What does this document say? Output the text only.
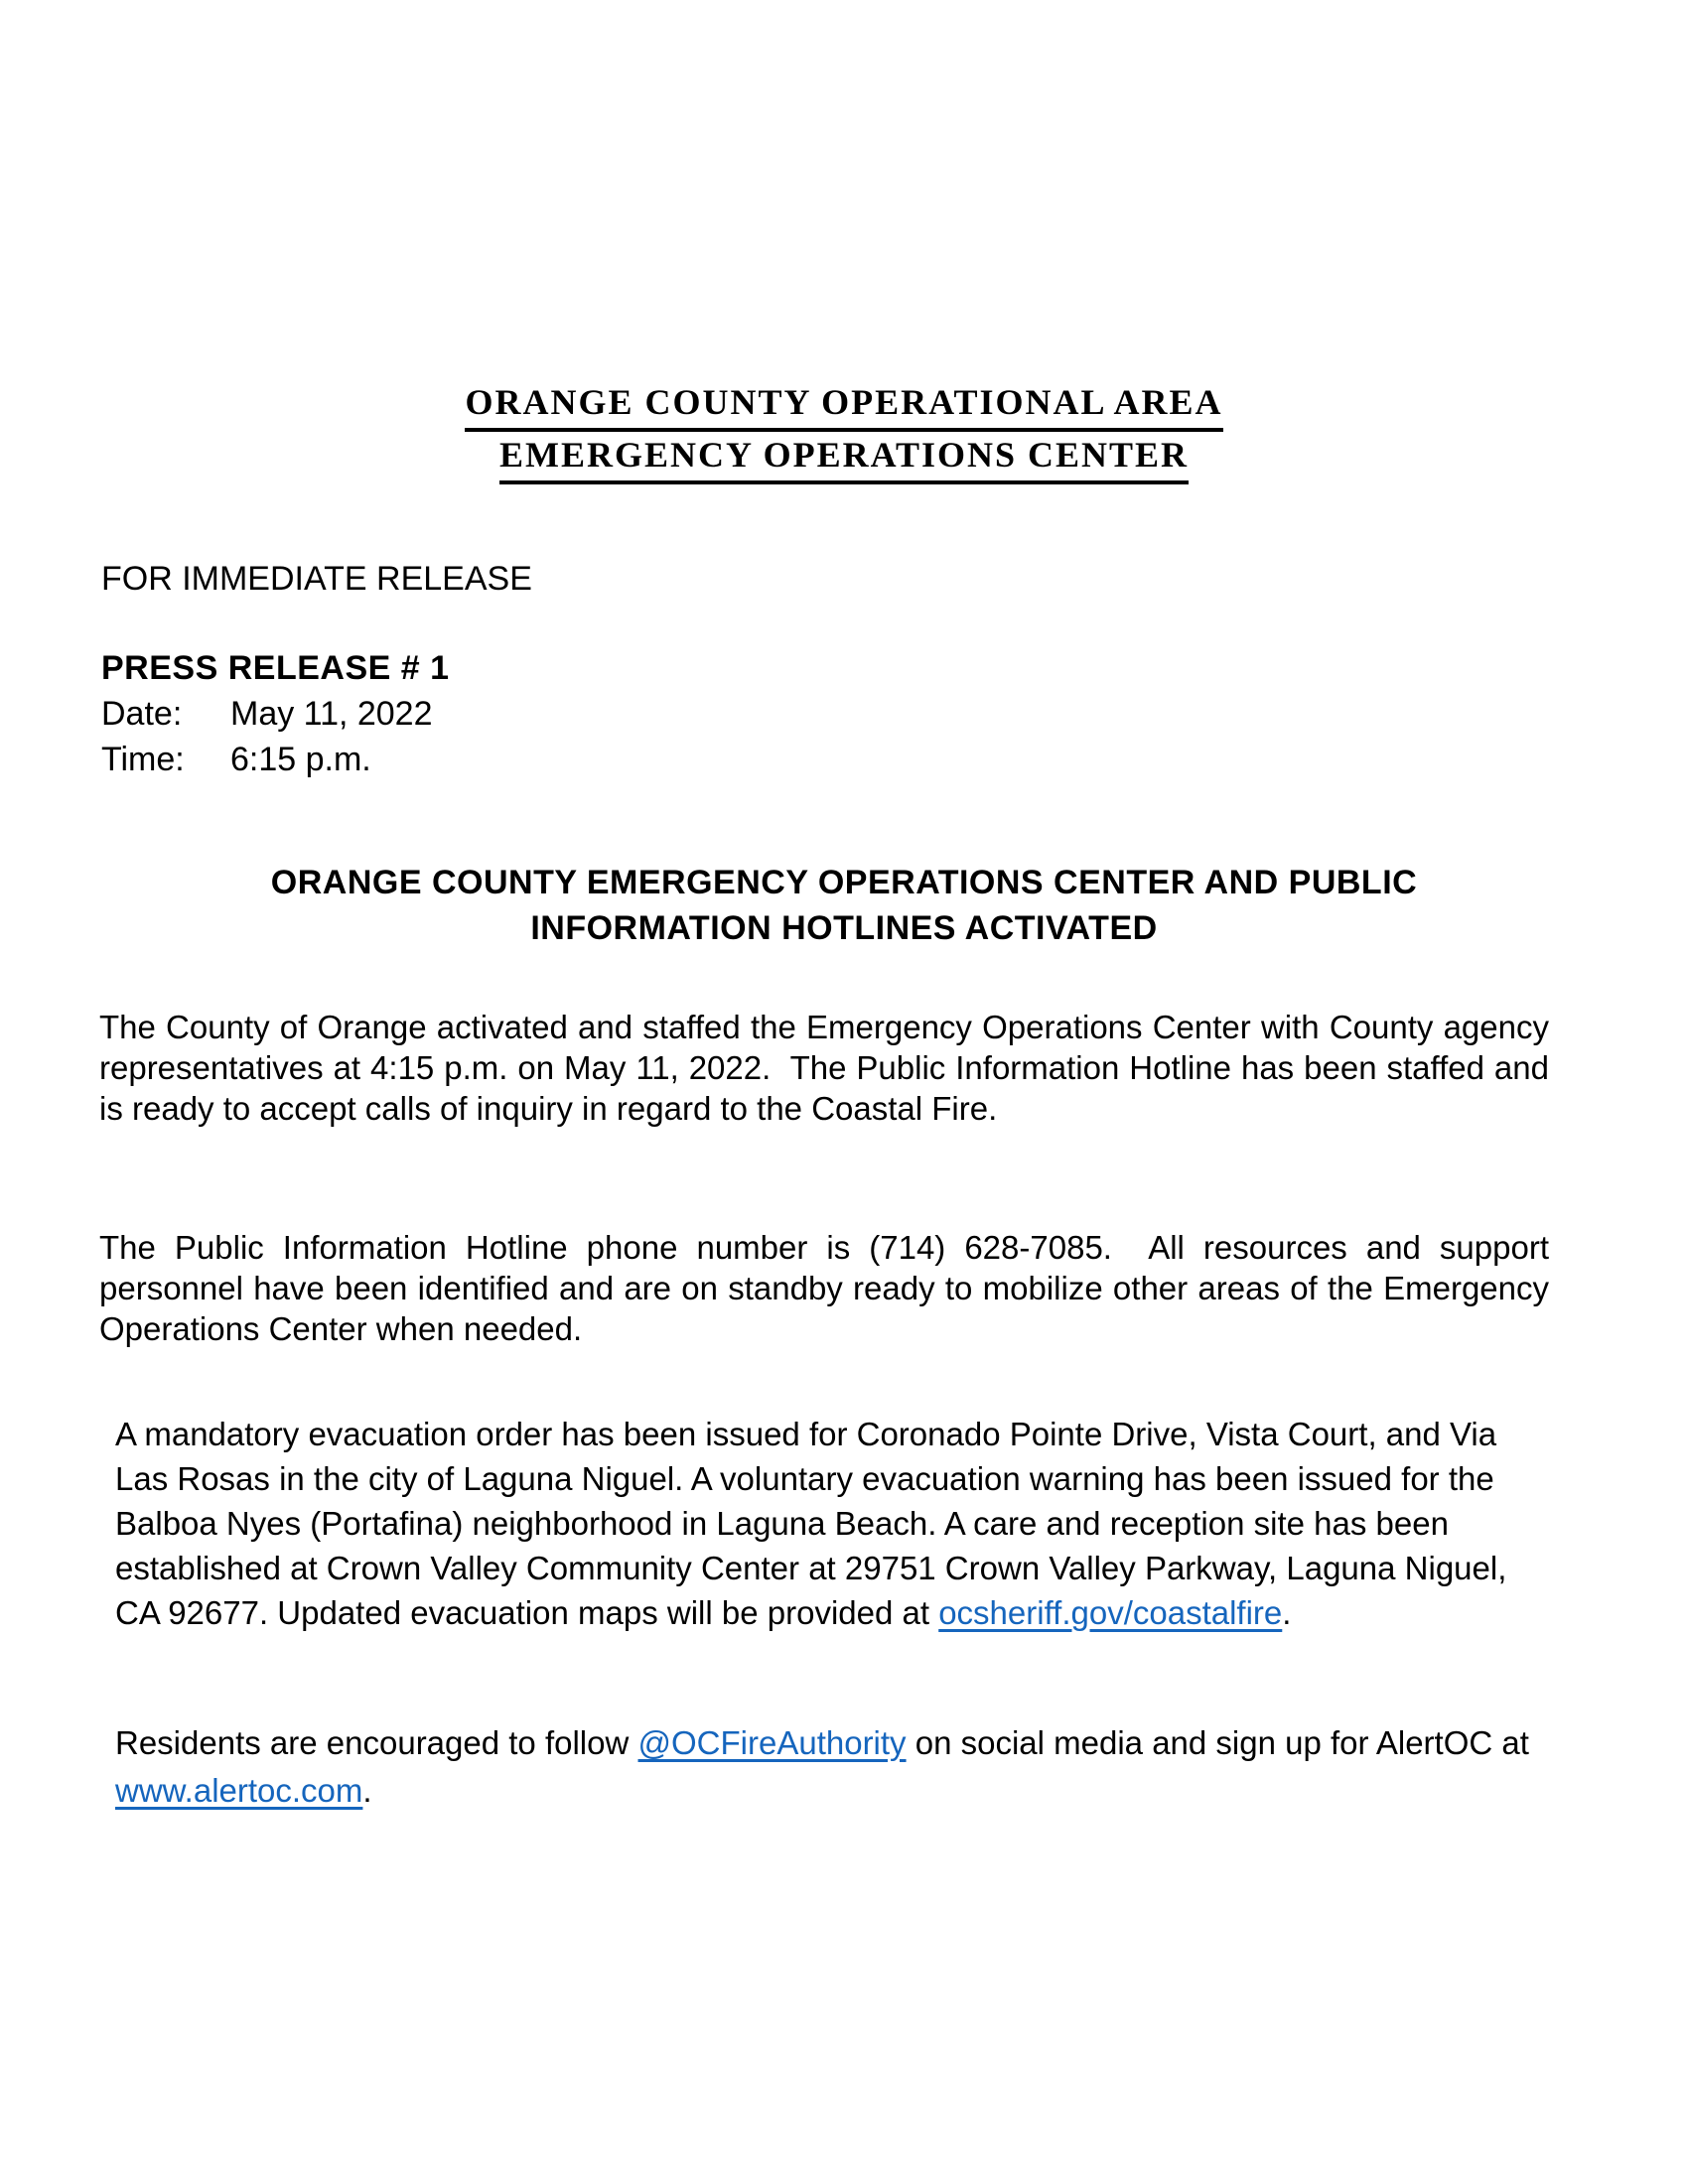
ORANGE COUNTY OPERATIONAL AREA
EMERGENCY OPERATIONS CENTER
FOR IMMEDIATE RELEASE
PRESS RELEASE # 1
Date: May 11, 2022
Time: 6:15 p.m.
ORANGE COUNTY EMERGENCY OPERATIONS CENTER AND PUBLIC INFORMATION HOTLINES ACTIVATED

The County of Orange activated and staffed the Emergency Operations Center with County agency representatives at 4:15 p.m. on May 11, 2022.  The Public Information Hotline has been staffed and is ready to accept calls of inquiry in regard to the Coastal Fire.

The Public Information Hotline phone number is (714) 628-7085.  All resources and support personnel have been identified and are on standby ready to mobilize other areas of the Emergency Operations Center when needed.

A mandatory evacuation order has been issued for Coronado Pointe Drive, Vista Court, and Via Las Rosas in the city of Laguna Niguel. A voluntary evacuation warning has been issued for the Balboa Nyes (Portafina) neighborhood in Laguna Beach. A care and reception site has been established at Crown Valley Community Center at 29751 Crown Valley Parkway, Laguna Niguel, CA 92677. Updated evacuation maps will be provided at ocsheriff.gov/coastalfire.

Residents are encouraged to follow @OCFireAuthority on social media and sign up for AlertOC at www.alertoc.com.
